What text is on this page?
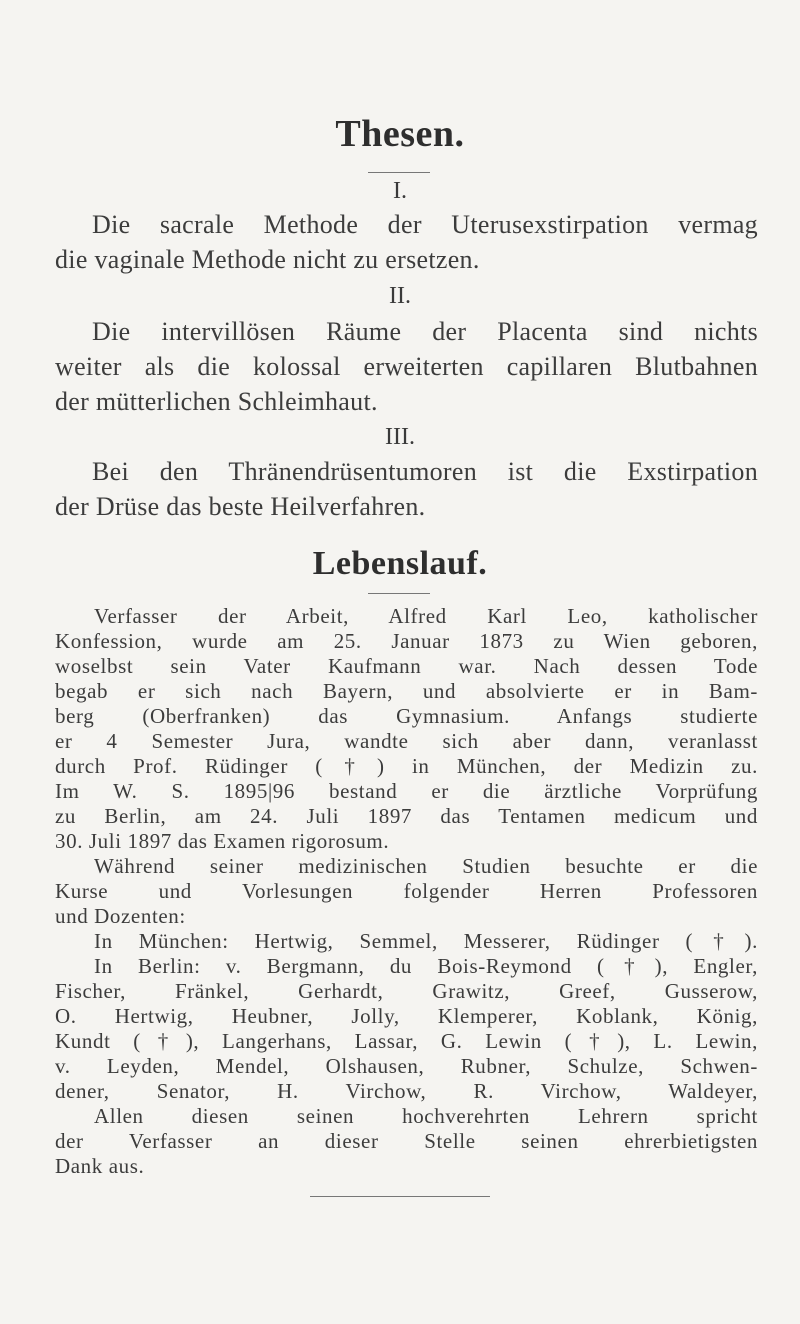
Thesen.
I.
Die sacrale Methode der Uterusexstirpation vermag
die vaginale Methode nicht zu ersetzen.
II.
Die intervillösen Räume der Placenta sind nichts
weiter als die kolossal erweiterten capillaren Blutbahnen
der mütterlichen Schleimhaut.
III.
Bei den Thränendrüsentumoren ist die Exstirpation
der Drüse das beste Heilverfahren.
Lebenslauf.
Verfasser der Arbeit, Alfred Karl Leo, katholischer
Konfession, wurde am 25. Januar 1873 zu Wien geboren,
woselbst sein Vater Kaufmann war. Nach dessen Tode
begab er sich nach Bayern, und absolvierte er in Bam-
berg (Oberfranken) das Gymnasium. Anfangs studierte
er 4 Semester Jura, wandte sich aber dann, veranlasst
durch Prof. Rüdinger (†) in München, der Medizin zu.
Im W. S. 1895|96 bestand er die ärztliche Vorprüfung
zu Berlin, am 24. Juli 1897 das Tentamen medicum und
30. Juli 1897 das Examen rigorosum.
Während seiner medizinischen Studien besuchte er die
Kurse und Vorlesungen folgender Herren Professoren
und Dozenten:
In München: Hertwig, Semmel, Messerer, Rüdinger (†).
In Berlin: v. Bergmann, du Bois-Reymond (†), Engler,
Fischer, Fränkel, Gerhardt, Grawitz, Greef, Gusserow,
O. Hertwig, Heubner, Jolly, Klemperer, Koblank, König,
Kundt (†), Langerhans, Lassar, G. Lewin (†), L. Lewin,
v. Leyden, Mendel, Olshausen, Rubner, Schulze, Schwen-
dener, Senator, H. Virchow, R. Virchow, Waldeyer,
Allen diesen seinen hochverehrten Lehrern spricht
der Verfasser an dieser Stelle seinen ehrerbietigsten
Dank aus.
